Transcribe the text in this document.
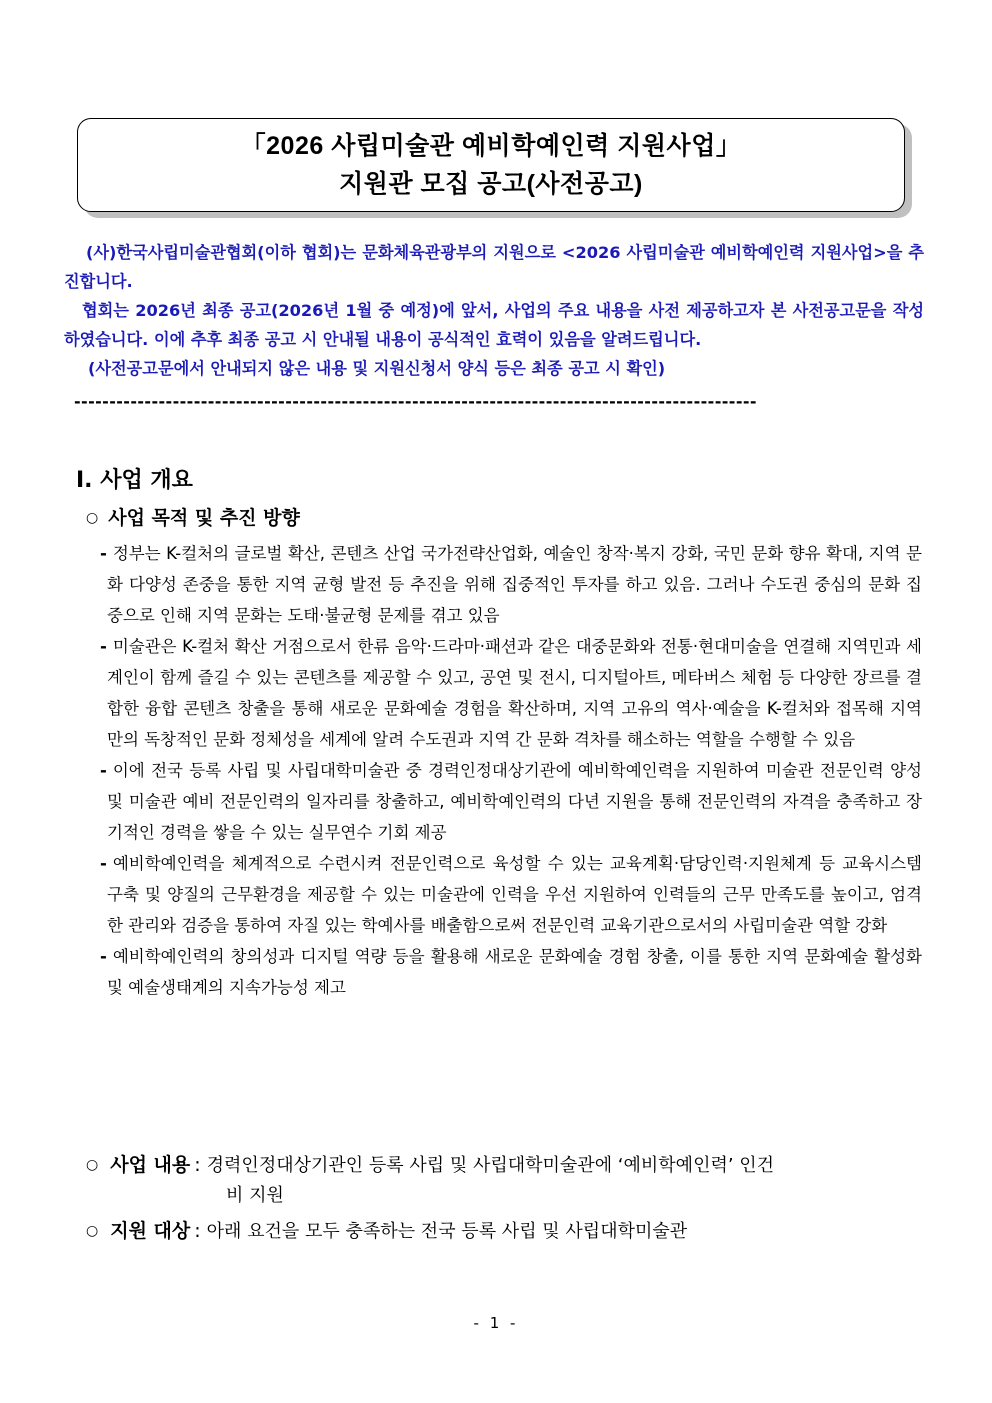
「2026 사립미술관 예비학예인력 지원사업」
지원관 모집 공고(사전공고)

(사)한국사립미술관협회(이하 협회)는 문화체육관광부의 지원으로 <2026 사립미술관 예비학예인력 지원사업>을 추진합니다.

협회는 2026년 최종 공고(2026년 1월 중 예정)에 앞서, 사업의 주요 내용을 사전 제공하고자 본 사전공고문을 작성하였습니다. 이에 추후 최종 공고 시 안내될 내용이 공식적인 효력이 있음을 알려드립니다.

(사전공고문에서 안내되지 않은 내용 및 지원신청서 양식 등은 최종 공고 시 확인)

-------------------------------------------------------------------------------------------------
Ⅰ. 사업 개요
○ 사업 목적 및 추진 방향

- 정부는 K-컬처의 글로벌 확산, 콘텐츠 산업 국가전략산업화, 예술인 창작·복지 강화, 국민 문화 향유 확대, 지역 문화 다양성 존중을 통한 지역 균형 발전 등 추진을 위해 집중적인 투자를 하고 있음. 그러나 수도권 중심의 문화 집중으로 인해 지역 문화는 도태·불균형 문제를 겪고 있음

- 미술관은 K-컬처 확산 거점으로서 한류 음악·드라마·패션과 같은 대중문화와 전통·현대미술을 연결해 지역민과 세계인이 함께 즐길 수 있는 콘텐츠를 제공할 수 있고, 공연 및 전시, 디지털아트, 메타버스 체험 등 다양한 장르를 결합한 융합 콘텐츠 창출을 통해 새로운 문화예술 경험을 확산하며, 지역 고유의 역사·예술을 K-컬처와 접목해 지역만의 독창적인 문화 정체성을 세계에 알려 수도권과 지역 간 문화 격차를 해소하는 역할을 수행할 수 있음

- 이에 전국 등록 사립 및 사립대학미술관 중 경력인정대상기관에 예비학예인력을 지원하여 미술관 전문인력 양성 및 미술관 예비 전문인력의 일자리를 창출하고, 예비학예인력의 다년 지원을 통해 전문인력의 자격을 충족하고 장기적인 경력을 쌓을 수 있는 실무연수 기회 제공

- 예비학예인력을 체계적으로 수련시켜 전문인력으로 육성할 수 있는 교육계획‧담당인력‧지원체계 등 교육시스템 구축 및 양질의 근무환경을 제공할 수 있는 미술관에 인력을 우선 지원하여 인력들의 근무 만족도를 높이고, 엄격한 관리와 검증을 통하여 자질 있는 학예사를 배출함으로써 전문인력 교육기관으로서의 사립미술관 역할 강화

- 예비학예인력의 창의성과 디지털 역량 등을 활용해 새로운 문화예술 경험 창출, 이를 통한 지역 문화예술 활성화 및 예술생태계의 지속가능성 제고

○ 사업 내용 : 경력인정대상기관인 등록 사립 및 사립대학미술관에 ‘예비학예인력’ 인건
비 지원
○ 지원 대상 : 아래 요건을 모두 충족하는 전국 등록 사립 및 사립대학미술관
- 1 -
